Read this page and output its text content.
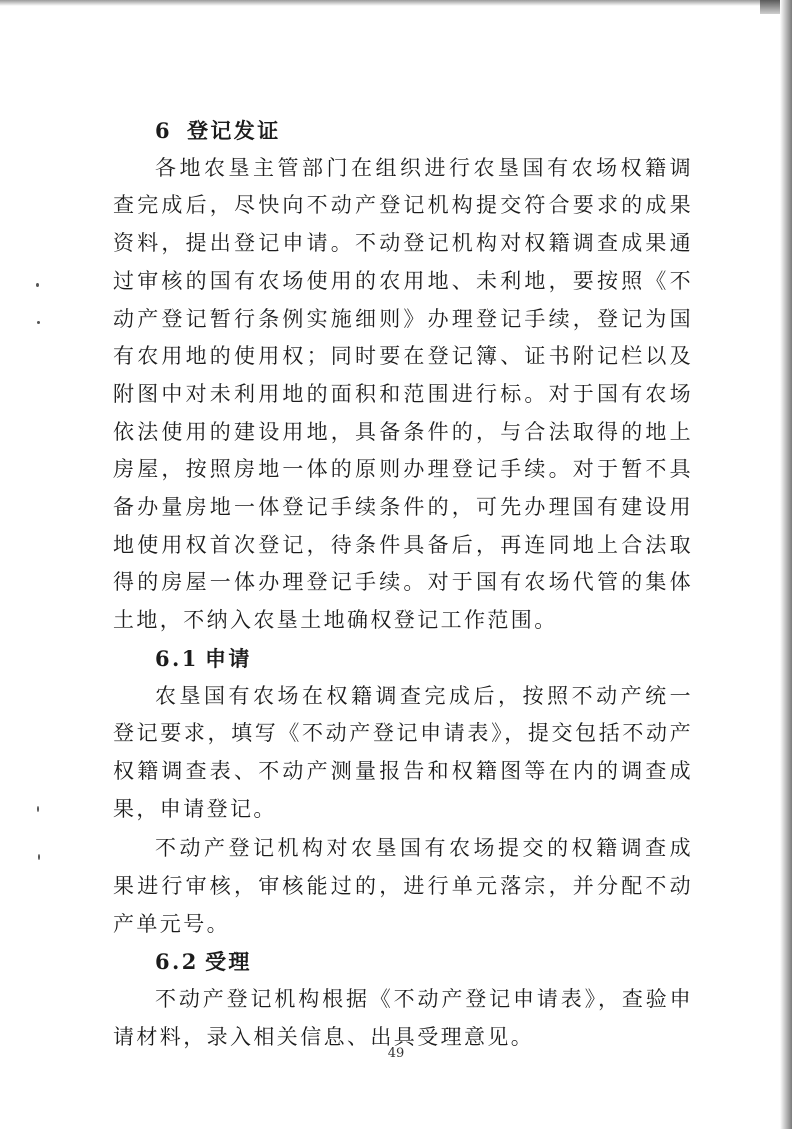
6 登记发证

各地农垦主管部门在组织进行农垦国有农场权籍调查完成后，尽快向不动产登记机构提交符合要求的成果资料，提出登记申请。不动登记机构对权籍调查成果通过审核的国有农场使用的农用地、未利地，要按照《不动产登记暂行条例实施细则》办理登记手续，登记为国有农用地的使用权；同时要在登记簿、证书附记栏以及附图中对未利用地的面积和范围进行标。对于国有农场依法使用的建设用地，具备条件的，与合法取得的地上房屋，按照房地一体的原则办理登记手续。对于暂不具备办量房地一体登记手续条件的，可先办理国有建设用地使用权首次登记，待条件具备后，再连同地上合法取得的房屋一体办理登记手续。对于国有农场代管的集体土地，不纳入农垦土地确权登记工作范围。

6.1 申请

农垦国有农场在权籍调查完成后，按照不动产统一登记要求，填写《不动产登记申请表》，提交包括不动产权籍调查表、不动产测量报告和权籍图等在内的调查成果，申请登记。

不动产登记机构对农垦国有农场提交的权籍调查成果进行审核，审核能过的，进行单元落宗，并分配不动产单元号。

6.2 受理

不动产登记机构根据《不动产登记申请表》，查验申请材料，录入相关信息、出具受理意见。

49
